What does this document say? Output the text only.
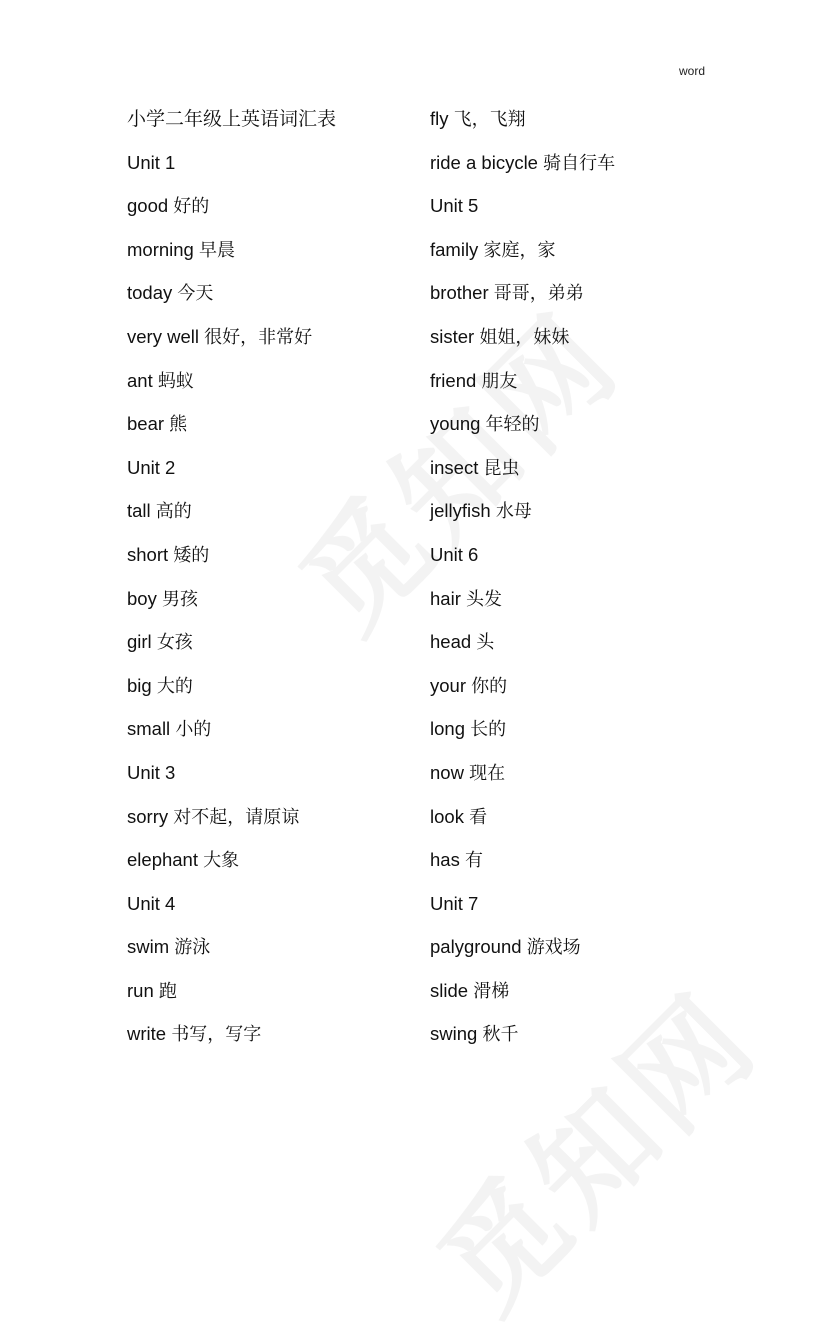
word
小学二年级上英语词汇表
Unit 1
good 好的
morning 早晨
today 今天
very well 很好，非常好
ant 蚂蚁
bear 熊
Unit 2
tall 高的
short 矮的
boy 男孩
girl 女孩
big 大的
small 小的
Unit 3
sorry 对不起，请原谅
elephant 大象
Unit 4
swim 游泳
run 跑
write 书写，写字
fly 飞，飞翔
ride a bicycle 骑自行车
Unit 5
family 家庭，家
brother 哥哥，弟弟
sister 姐姐，妹妹
friend 朋友
young 年轻的
insect 昆虫
jellyfish 水母
Unit 6
hair 头发
head 头
your 你的
long 长的
now 现在
look 看
has 有
Unit 7
palyground 游戏场
slide 滑梯
swing 秋千
